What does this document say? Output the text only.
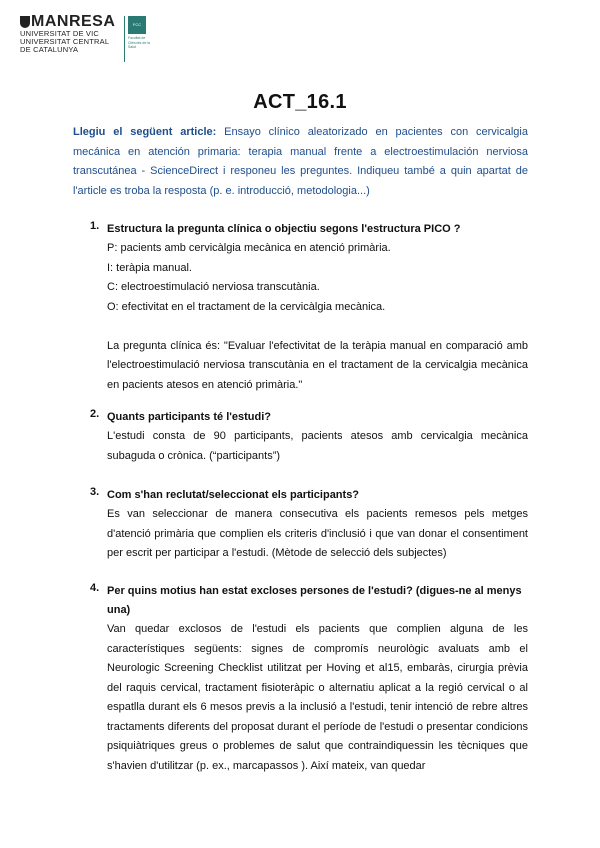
MANRESA
UNIVERSITAT DE VIC
UNIVERSITAT CENTRAL
DE CATALUNYA
FCC
Facultat de Ciències de la Salut
ACT_16.1
Llegiu el següent article: Ensayo clínico aleatorizado en pacientes con cervicalgia mecánica en atención primaria: terapia manual frente a electroestimulación nerviosa transcutánea - ScienceDirect i responeu les preguntes. Indiqueu també a quin apartat de l'article es troba la resposta (p. e. introducció, metodologia...)
1. Estructura la pregunta clínica o objectiu segons l'estructura PICO ?

P: pacients amb cervicàlgia mecànica en atenció primària.

I: teràpia manual.

C: electroestimulació nerviosa transcutània.

O: efectivitat en el tractament de la cervicàlgia mecànica.

La pregunta clínica és: "Evaluar l'efectivitat de la teràpia manual en comparació amb l'electroestimulació nerviosa transcutània en el tractament de la cervicalgia mecànica en pacients atesos en atenció primària."

2. Quants participants té l'estudi?
L'estudi consta de 90 participants, pacients atesos amb cervicalgia mecànica subaguda o crònica. (“participants”)
3. Com s'han reclutat/seleccionat els participants?
Es van seleccionar de manera consecutiva els pacients remesos pels metges d'atenció primària que complien els criteris d'inclusió i que van donar el consentiment per escrit per participar a l'estudi. (Mètode de selecció dels subjectes)
4. Per quins motius han estat excloses persones de l'estudi? (digues-ne al menys una)
Van quedar exclosos de l'estudi els pacients que complien alguna de les característiques següents: signes de compromís neurològic avaluats amb el Neurologic Screening Checklist utilitzat per Hoving et al15, embaràs, cirurgia prèvia del raquis cervical, tractament fisioteràpic o alternatiu aplicat a la regió cervical o al espatlla durant els 6 mesos previs a la inclusió a l'estudi, tenir intenció de rebre altres tractaments diferents del proposat durant el període de l'estudi o presentar condicions psiquiàtriques greus o problemes de salut que contraindiquessin les tècniques que s'havien d'utilitzar (p. ex., marcapassos ). Així mateix, van quedar
